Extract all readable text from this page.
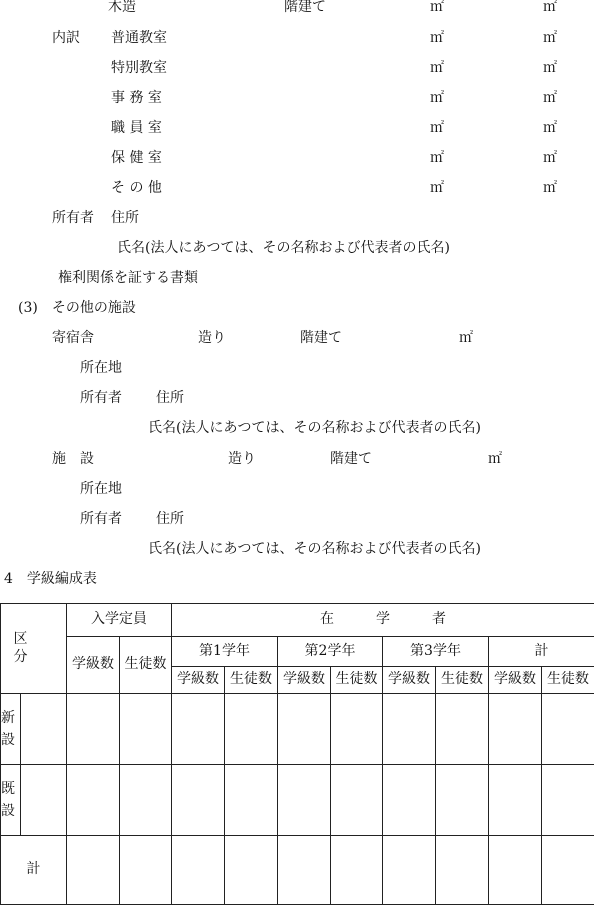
木造	階建て	㎡	㎡
内訳 普通教室	㎡	㎡
特別教室	㎡	㎡
事 務 室	㎡	㎡
職 員 室	㎡	㎡
保 健 室	㎡	㎡
そ の 他	㎡	㎡
所有者 住所
氏名(法人にあつては、その名称および代表者の氏名)
権利関係を証する書類
(3)　その他の施設
寄宿舎	造り	階建て	㎡
所在地
所有者 住所
氏名(法人にあつては、その名称および代表者の氏名)
施　設	造り	階建て	㎡
所在地
所有者 住所
氏名(法人にあつては、その名称および代表者の氏名)
4　学級編成表
区　分		入学定員		在　　　学　　　者							
		学級数	生徒数	第1学年		第2学年		第3学年		計	
				学級数	生徒数	学級数	生徒数	学級数	生徒数	学級数	生徒数
新設											
既設											
計											
